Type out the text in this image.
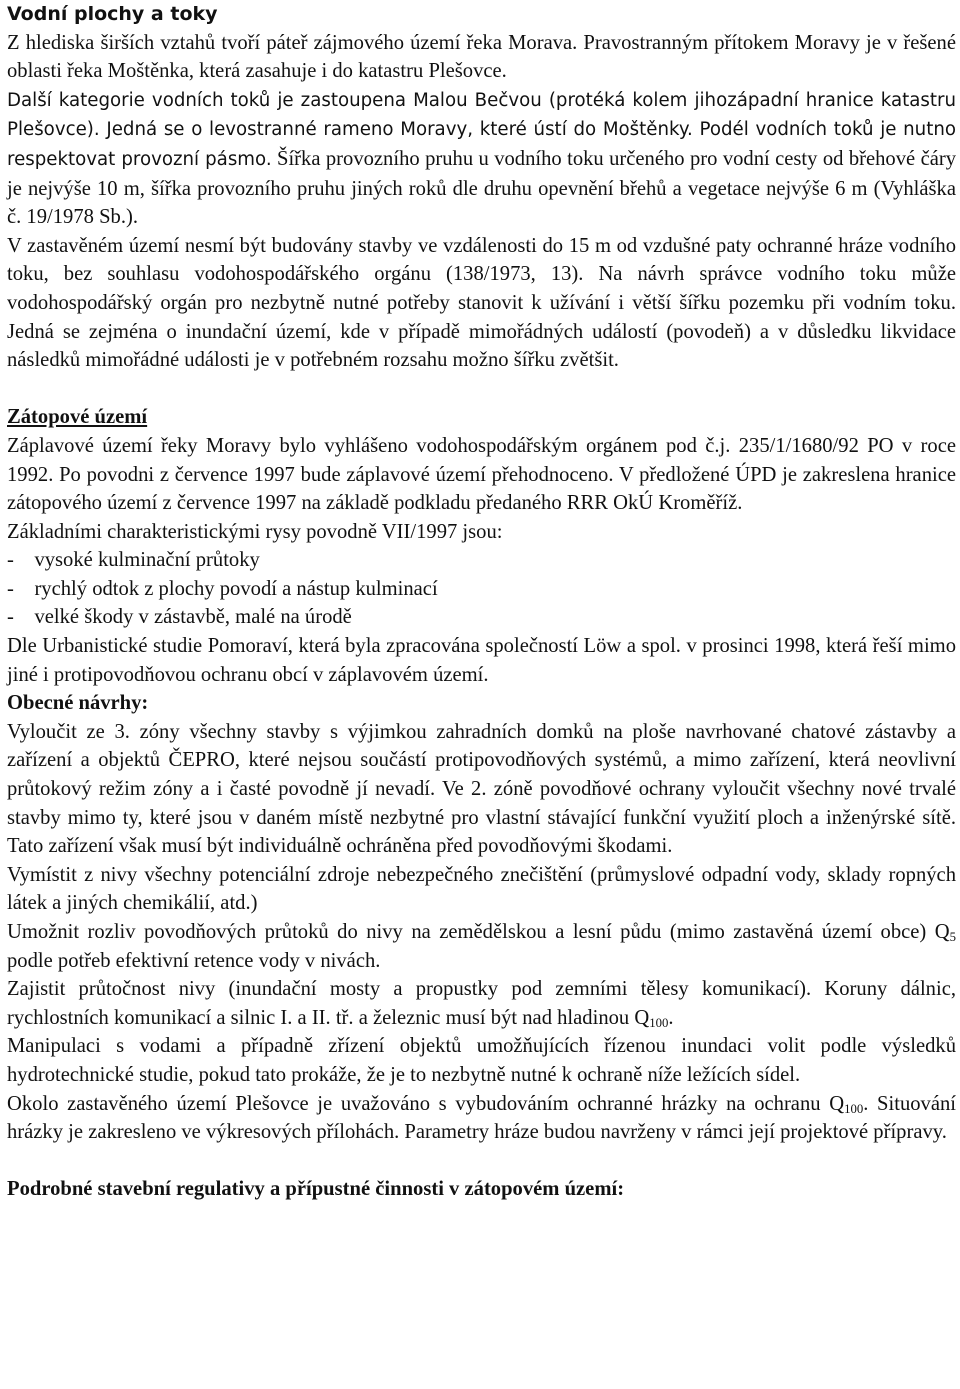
Vodní plochy a toky
Z hlediska širších vztahů tvoří páteř zájmového území řeka Morava. Pravostranným přítokem Moravy je v řešené oblasti řeka Moštěnka, která zasahuje i do katastru Plešovce.
Další kategorie vodních toků je zastoupena Malou Bečvou (protéká kolem jihozápadní hranice katastru Plešovce). Jedná se o levostranné rameno Moravy, které ústí do Moštěnky. Podél vodních toků je nutno respektovat provozní pásmo. Šířka provozního pruhu u vodního toku určeného pro vodní cesty od břehové čáry je nejvýše 10 m, šířka provozního pruhu jiných roků dle druhu opevnění břehů a vegetace nejvýše 6 m (Vyhláška č. 19/1978 Sb.).
V zastavěném území nesmí být budovány stavby ve vzdálenosti do 15 m od vzdušné paty ochranné hráze vodního toku, bez souhlasu vodohospodářského orgánu (138/1973, 13). Na návrh správce vodního toku může vodohospodářský orgán pro nezbytně nutné potřeby stanovit k užívání i větší šířku pozemku při vodním toku. Jedná se zejména o inundační území, kde v případě mimořádných událostí (povodeň) a v důsledku likvidace následků mimořádné události je v potřebném rozsahu možno šířku zvětšit.
Zátopové území
Záplavové území řeky Moravy bylo vyhlášeno vodohospodářským orgánem pod č.j. 235/1/1680/92 PO v roce 1992. Po povodni z července 1997 bude záplavové území přehodnoceno. V předložené ÚPD je zakreslena hranice zátopového území z července 1997 na základě podkladu předaného RRR OkÚ Kroměříž.
Základními charakteristickými rysy povodně VII/1997 jsou:
- vysoké kulminační průtoky
- rychlý odtok z plochy povodí a nástup kulminací
- velké škody v zástavbě, malé na úrodě
Dle Urbanistické studie Pomoraví, která byla zpracována společností Löw a spol. v prosinci 1998, která řeší mimo jiné i protipovodňovou ochranu obcí v záplavovém území.
Obecné návrhy:
Vyloučit ze 3. zóny všechny stavby s výjimkou zahradních domků na ploše navrhované chatové zástavby a zařízení a objektů ČEPRO, které nejsou součástí protipovodňových systémů, a mimo zařízení, která neovlivní průtokový režim zóny a i časté povodně jí nevadí. Ve 2. zóně povodňové ochrany vyloučit všechny nové trvalé stavby mimo ty, které jsou v daném místě nezbytné pro vlastní stávající funkční využití ploch a inženýrské sítě. Tato zařízení však musí být individuálně ochráněna před povodňovými škodami.
Vymístit z nivy všechny potenciální zdroje nebezpečného znečištění (průmyslové odpadní vody, sklady ropných látek a jiných chemikálií, atd.)
Umožnit rozliv povodňových průtoků do nivy na zemědělskou a lesní půdu (mimo zastavěná území obce) $Q_5$ podle potřeb efektivní retence vody v nivách.
Zajistit průtočnost nivy (inundační mosty a propustky pod zemními tělesy komunikací). Koruny dálnic, rychlostních komunikací a silnic I. a II. tř. a železnic musí být nad hladinou $Q_{100}$.
Manipulaci s vodami a případně zřízení objektů umožňujících řízenou inundaci volit podle výsledků hydrotechnické studie, pokud tato prokáže, že je to nezbytně nutné k ochraně níže ležících sídel.
Okolo zastavěného území Plešovce je uvažováno s vybudováním ochranné hrázky na ochranu $Q_{100}$. Situování hrázky je zakresleno ve výkresových přílohách. Parametry hráze budou navrženy v rámci její projektové přípravy.
Podrobné stavební regulativy a přípustné činnosti v zátopovém území:
